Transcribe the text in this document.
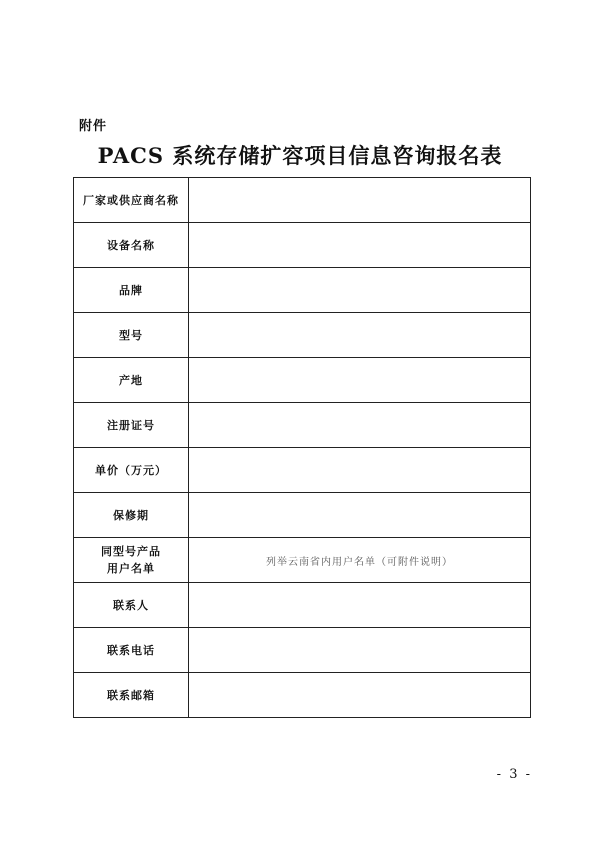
附件
PACS 系统存储扩容项目信息咨询报名表
厂家或供应商名称	
设备名称	
品牌	
型号	
产地	
注册证号	
单价（万元）	
保修期	
同型号产品
用户名单	列举云南省内用户名单（可附件说明）
联系人	
联系电话	
联系邮箱	
- 3 -
